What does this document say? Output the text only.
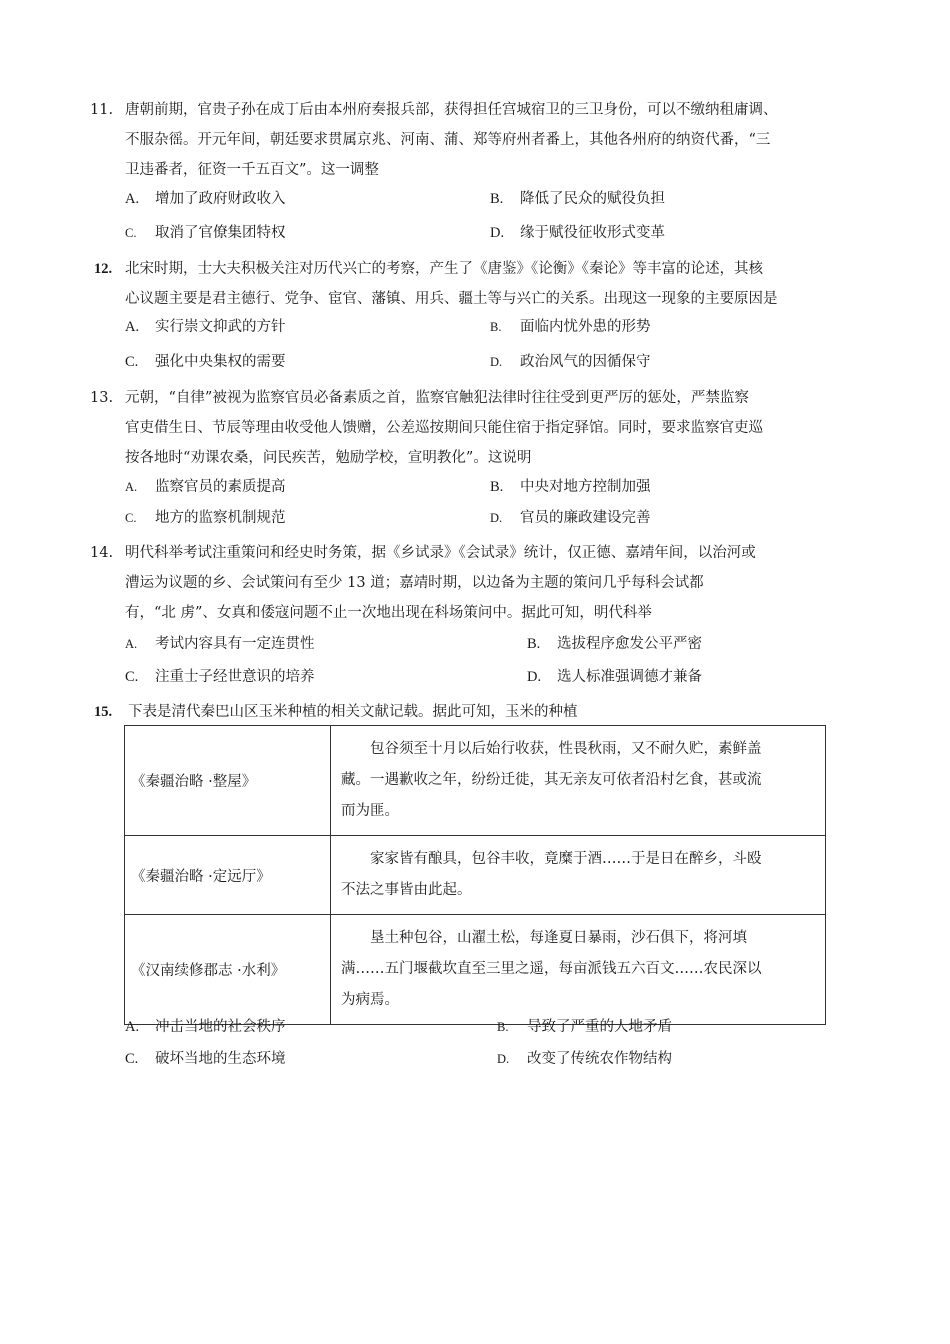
11. 唐朝前期，官贵子孙在成丁后由本州府奏报兵部，获得担任宫城宿卫的三卫身份，可以不缴纳租庸调、
不服杂徭。开元年间，朝廷要求贯属京兆、河南、蒲、郑等府州者番上，其他各州府的纳资代番，“三
卫违番者，征资一千五百文”。这一调整
A. 增加了政府财政收入	B. 降低了民众的赋役负担
C. 取消了官僚集团特权	D. 缘于赋役征收形式变革
12. 北宋时期，士大夫积极关注对历代兴亡的考察，产生了《唐鉴》《论衡》《秦论》等丰富的论述，其核
心议题主要是君主德行、党争、宦官、藩镇、用兵、疆土等与兴亡的关系。出现这一现象的主要原因是
A. 实行崇文抑武的方针	B. 面临内忧外患的形势
C. 强化中央集权的需要	D. 政治风气的因循保守
13. 元朝，“自律”被视为监察官员必备素质之首，监察官触犯法律时往往受到更严厉的惩处，严禁监察
官吏借生日、节辰等理由收受他人馈赠，公差巡按期间只能住宿于指定驿馆。同时，要求监察官吏巡
按各地时“劝课农桑，问民疾苦，勉励学校，宣明教化”。这说明
A. 监察官员的素质提高	B. 中央对地方控制加强
C. 地方的监察机制规范	D. 官员的廉政建设完善
14. 明代科举考试注重策问和经史时务策，据《乡试录》《会试录》统计，仅正德、嘉靖年间，以治河或
漕运为议题的乡、会试策问有至少 13 道；嘉靖时期，以边备为主题的策问几乎每科会试都
有，“北 虏”、女真和倭寇问题不止一次地出现在科场策问中。据此可知，明代科举
A. 考试内容具有一定连贯性	B. 选拔程序愈发公平严密
C. 注重士子经世意识的培养	D. 选人标准强调德才兼备
15. 下表是清代秦巴山区玉米种植的相关文献记载。据此可知，玉米的种植
《秦疆治略 ·整屋》	包谷须至十月以后始行收获，性畏秋雨，又不耐久贮，素鲜盖
藏。一遇歉收之年，纷纷迁徙，其无亲友可依者沿村乞食，甚或流
而为匪。

《秦疆治略 ·定远厅》	家家皆有酿具，包谷丰收，竟糜于酒……于是日在醉乡，斗殴
不法之事皆由此起。

《汉南续修郡志 ·水利》	垦土种包谷，山濯土松，每逢夏日暴雨，沙石俱下，将河填
满……五门堰截坎直至三里之遥，每亩派钱五六百文……农民深以
为病焉。
A. 冲击当地的社会秩序	B. 导致了严重的人地矛盾
C. 破坏当地的生态环境	D. 改变了传统农作物结构
